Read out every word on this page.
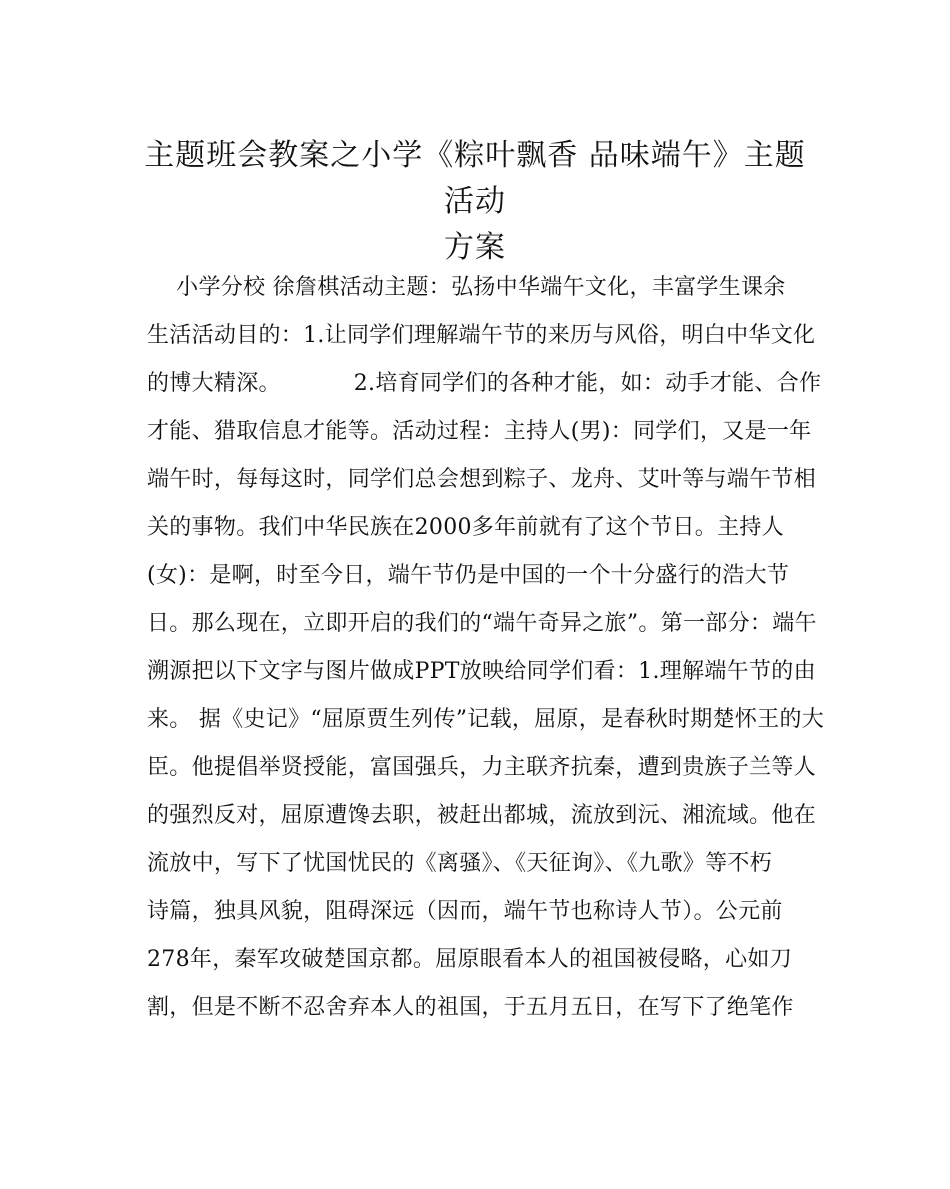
主题班会教案之小学《粽叶飘香 品味端午》主题活动
方案
小学分校 徐詹棋活动主题：弘扬中华端午文化，丰富学生课余
生活活动目的：1.让同学们理解端午节的来历与风俗，明白中华文化
的博大精深。          2.培育同学们的各种才能，如：动手才能、合作
才能、猎取信息才能等。活动过程：主持人(男)：同学们，又是一年
端午时，每每这时，同学们总会想到粽子、龙舟、艾叶等与端午节相
关的事物。我们中华民族在2000多年前就有了这个节日。主持人
(女)：是啊，时至今日，端午节仍是中国的一个十分盛行的浩大节
日。那么现在，立即开启的我们的“端午奇异之旅”。第一部分：端午
溯源把以下文字与图片做成PPT放映给同学们看：1.理解端午节的由
来。 据《史记》“屈原贾生列传”记载，屈原，是春秋时期楚怀王的大
臣。他提倡举贤授能，富国强兵，力主联齐抗秦，遭到贵族子兰等人
的强烈反对，屈原遭馋去职，被赶出都城，流放到沅、湘流域。他在
流放中，写下了忧国忧民的《离骚》、《天征询》、《九歌》等不朽
诗篇，独具风貌，阻碍深远（因而，端午节也称诗人节）。公元前
278年，秦军攻破楚国京都。屈原眼看本人的祖国被侵略，心如刀
割，但是不断不忍舍弃本人的祖国，于五月五日，在写下了绝笔作
